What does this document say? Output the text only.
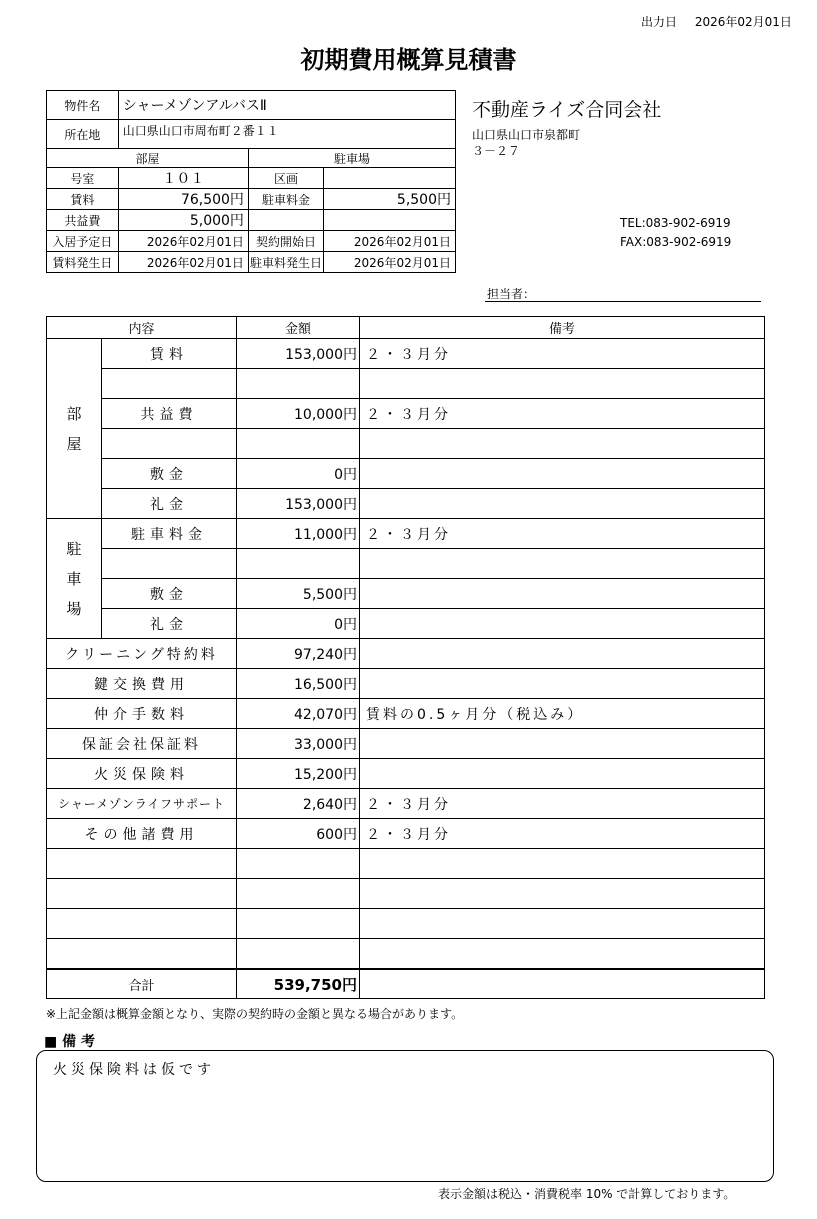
出力日 2026年02月01日
初期費用概算見積書
物件名	シャーメゾンアルバスⅡ		
所在地	山口県山口市周布町２番１１		
部屋		駐車場	
号室	１０１	区画	
賃料	76,500円	駐車料金	5,500円
共益費	5,000円		
入居予定日	2026年02月01日	契約開始日	2026年02月01日
賃料発生日	2026年02月01日	駐車料発生日	2026年02月01日
不動産ライズ合同会社
山口県山口市泉都町
３－２７
TEL:083-902-6919
FAX:083-902-6919
担当者：
内容		金額	備考

部屋	賃料	153,000円	２・３月分

	共益費	10,000円	２・３月分

	敷金	0円	
	礼金	153,000円	

駐車場	駐車料金	11,000円	２・３月分

	敷金	5,500円	
	礼金	0円	
クリーニング特約料		97,240円	
鍵交換費用		16,500円	
仲介手数料		42,070円	賃料の0.5ヶ月分（税込み）
保証会社保証料		33,000円	
火災保険料		15,200円	
シャーメゾンライフサポート		2,640円	２・３月分
その他諸費用		600円	２・３月分

合計		539,750円	
※上記金額は概算金額となり、実際の契約時の金額と異なる場合があります。
■ 備 考
火災保険料は仮です
表示金額は税込・消費税率 10% で計算しております。
